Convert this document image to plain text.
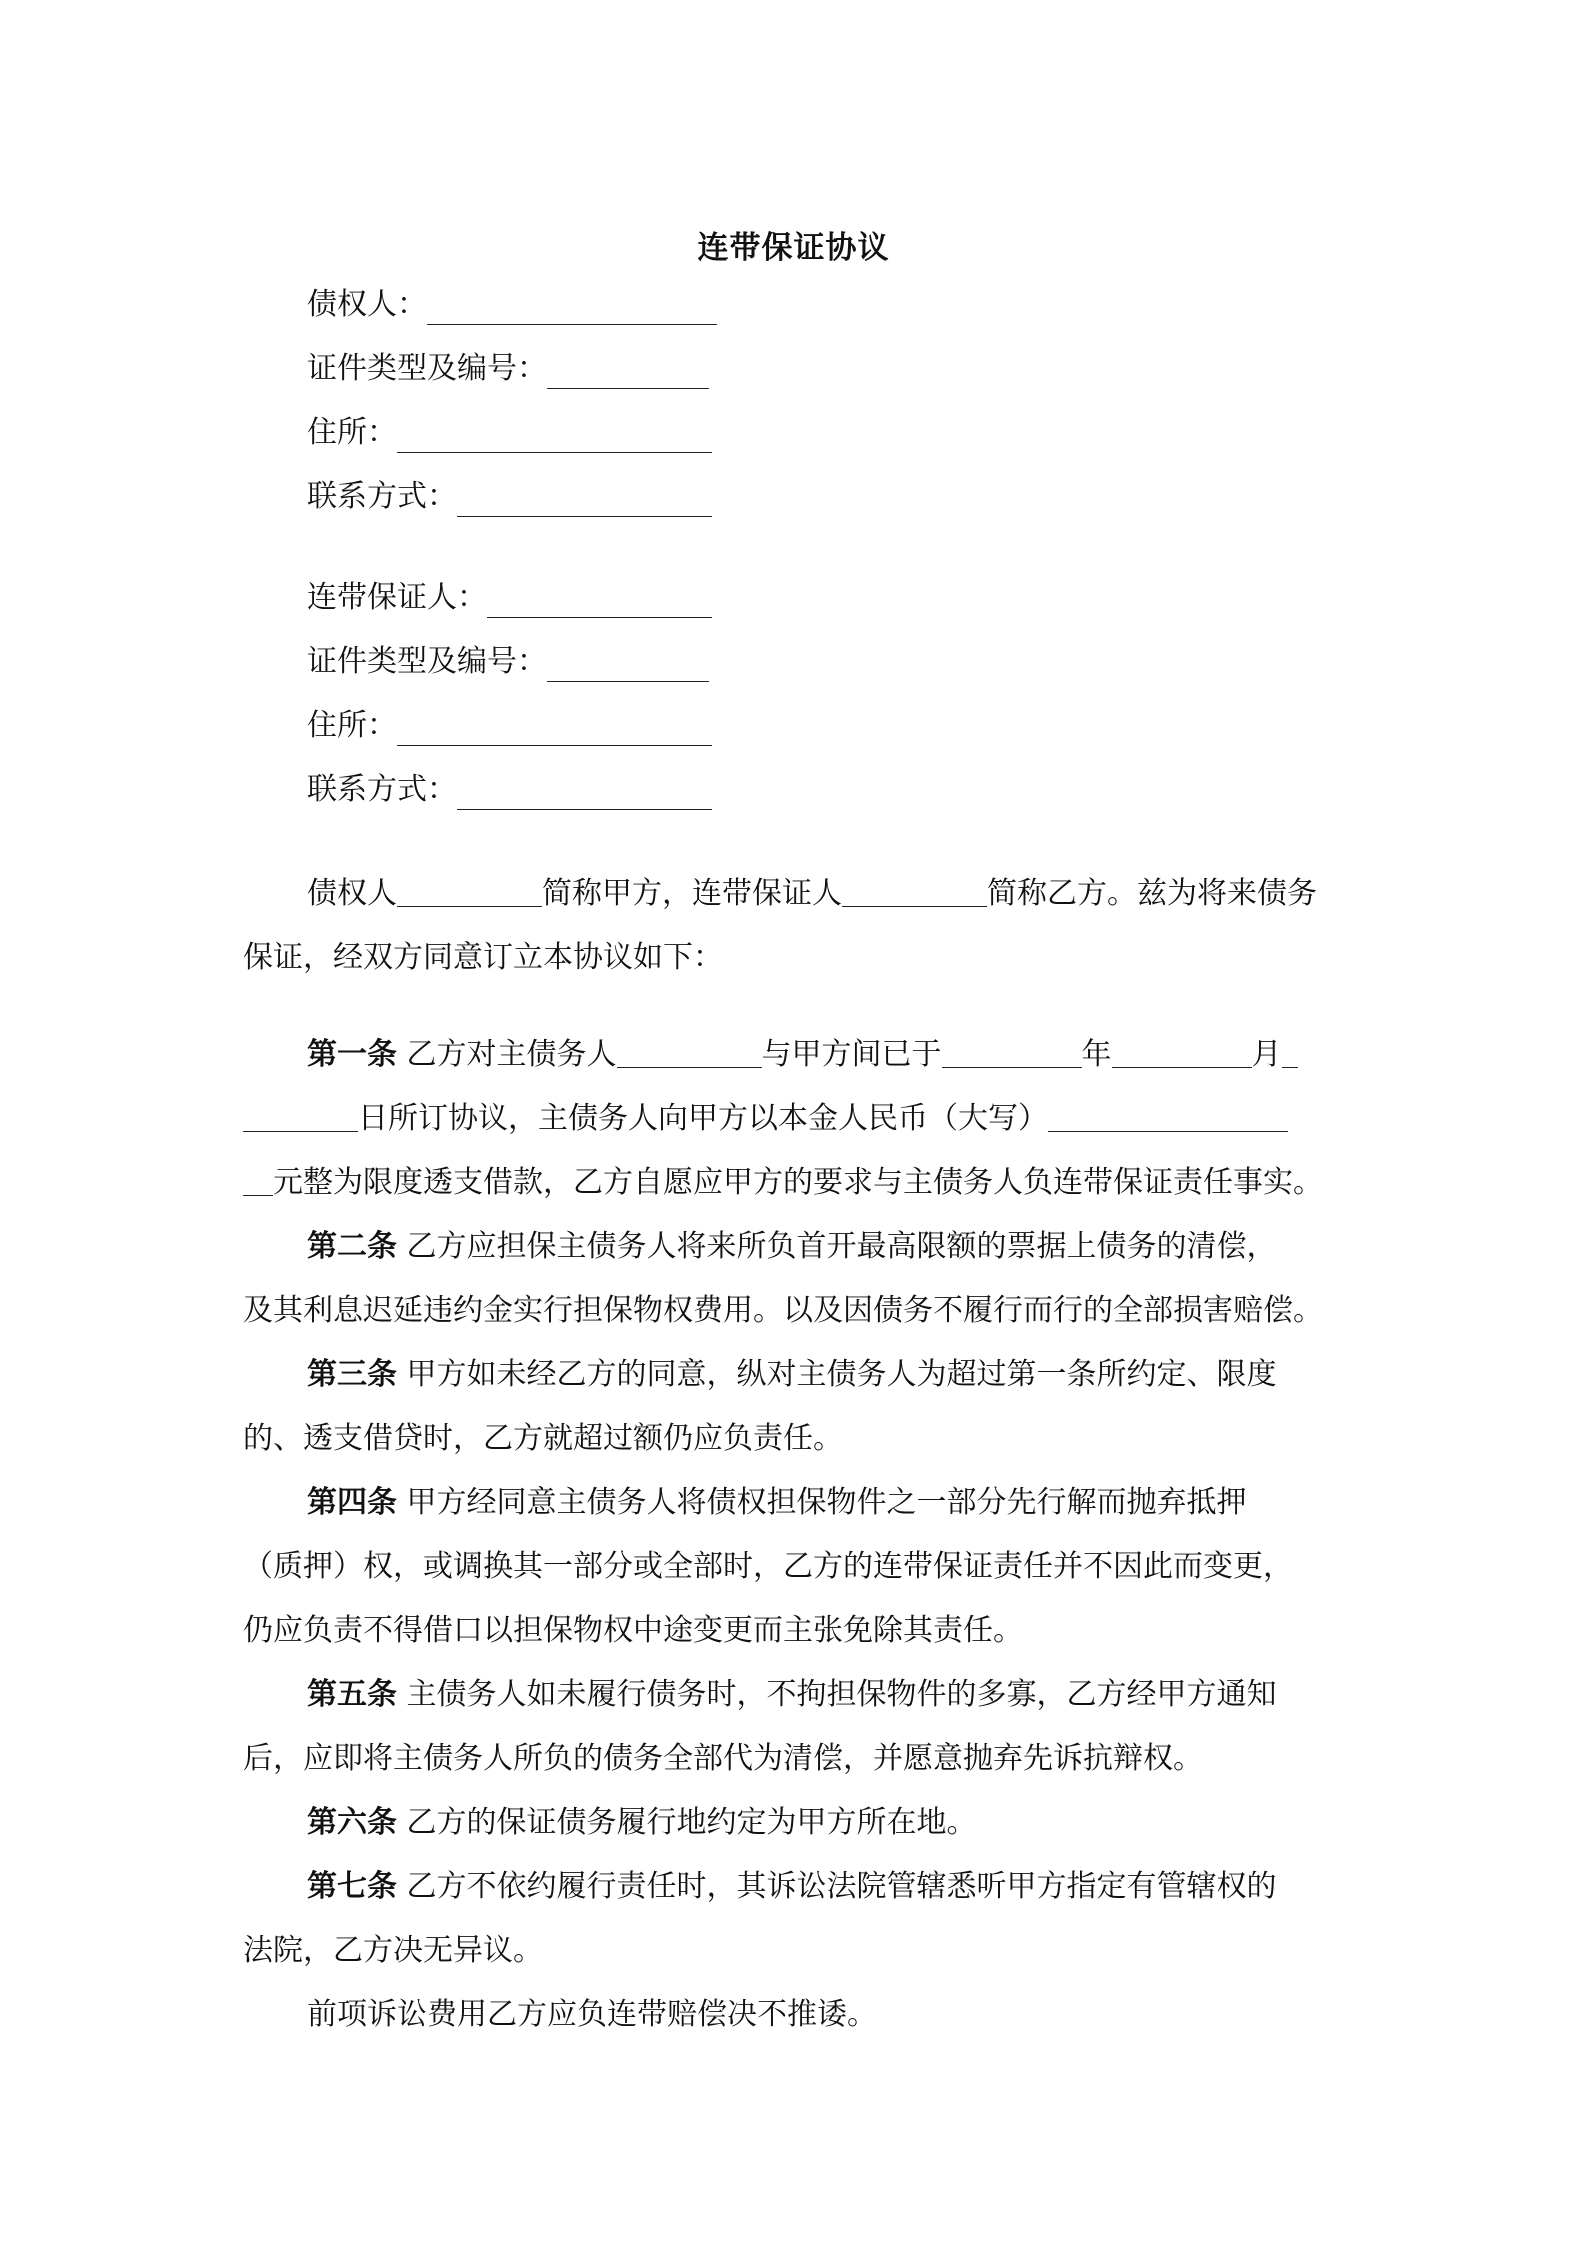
连带保证协议
债权人：
证件类型及编号：
住所：
联系方式：
连带保证人：
证件类型及编号：
住所：
联系方式：
债权人	简称甲方，连带保证人	简称乙方。兹为将来债务
保证，经双方同意订立本协议如下：
第一条 乙方对主债务人	与甲方间已于	年	月
日所订协议，主债务人向甲方以本金人民币（大写）
元整为限度透支借款，乙方自愿应甲方的要求与主债务人负连带保证责任事实。
第二条 乙方应担保主债务人将来所负首开最高限额的票据上债务的清偿，
及其利息迟延违约金实行担保物权费用。以及因债务不履行而行的全部损害赔偿。
第三条 甲方如未经乙方的同意，纵对主债务人为超过第一条所约定、限度
的、透支借贷时，乙方就超过额仍应负责任。
第四条 甲方经同意主债务人将债权担保物件之一部分先行解而抛弃抵押
（质押）权，或调换其一部分或全部时，乙方的连带保证责任并不因此而变更，
仍应负责不得借口以担保物权中途变更而主张免除其责任。
第五条 主债务人如未履行债务时，不拘担保物件的多寡，乙方经甲方通知
后，应即将主债务人所负的债务全部代为清偿，并愿意抛弃先诉抗辩权。
第六条 乙方的保证债务履行地约定为甲方所在地。
第七条 乙方不依约履行责任时，其诉讼法院管辖悉听甲方指定有管辖权的
法院，乙方决无异议。
前项诉讼费用乙方应负连带赔偿决不推诿。
